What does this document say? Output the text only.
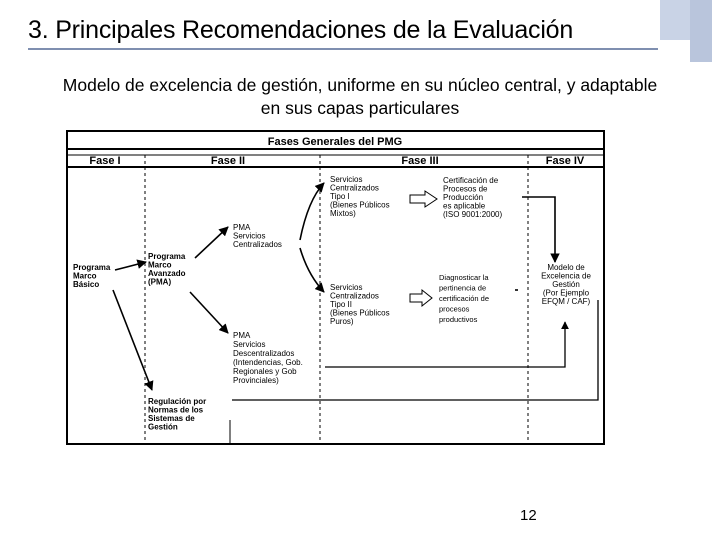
3. Principales Recomendaciones de la Evaluación
Modelo de excelencia de gestión, uniforme en su núcleo central, y adaptable en sus capas particulares
Fases Generales del PMG
Fase I	Fase II	Fase III	Fase IV
Programa
Marco
Básico
Programa
Marco
Avanzado
(PMA)
PMA
Servicios
Centralizados
PMA
Servicios
Descentralizados
(Intendencias, Gob.
Regionales y Gob
Provinciales)
Servicios
Centralizados
Tipo I
(Bienes Públicos
Mixtos)
Servicios
Centralizados
Tipo II
(Bienes Públicos
Puros)
Certificación de
Procesos de
Producción
es aplicable
(ISO 9001:2000)
Diagnosticar la
pertinencia de
certificación de
procesos
productivos
Modelo de
Excelencia de
Gestión
(Por Ejemplo
EFQM / CAF)
Regulación por
Normas de los
Sistemas de
Gestión
12
